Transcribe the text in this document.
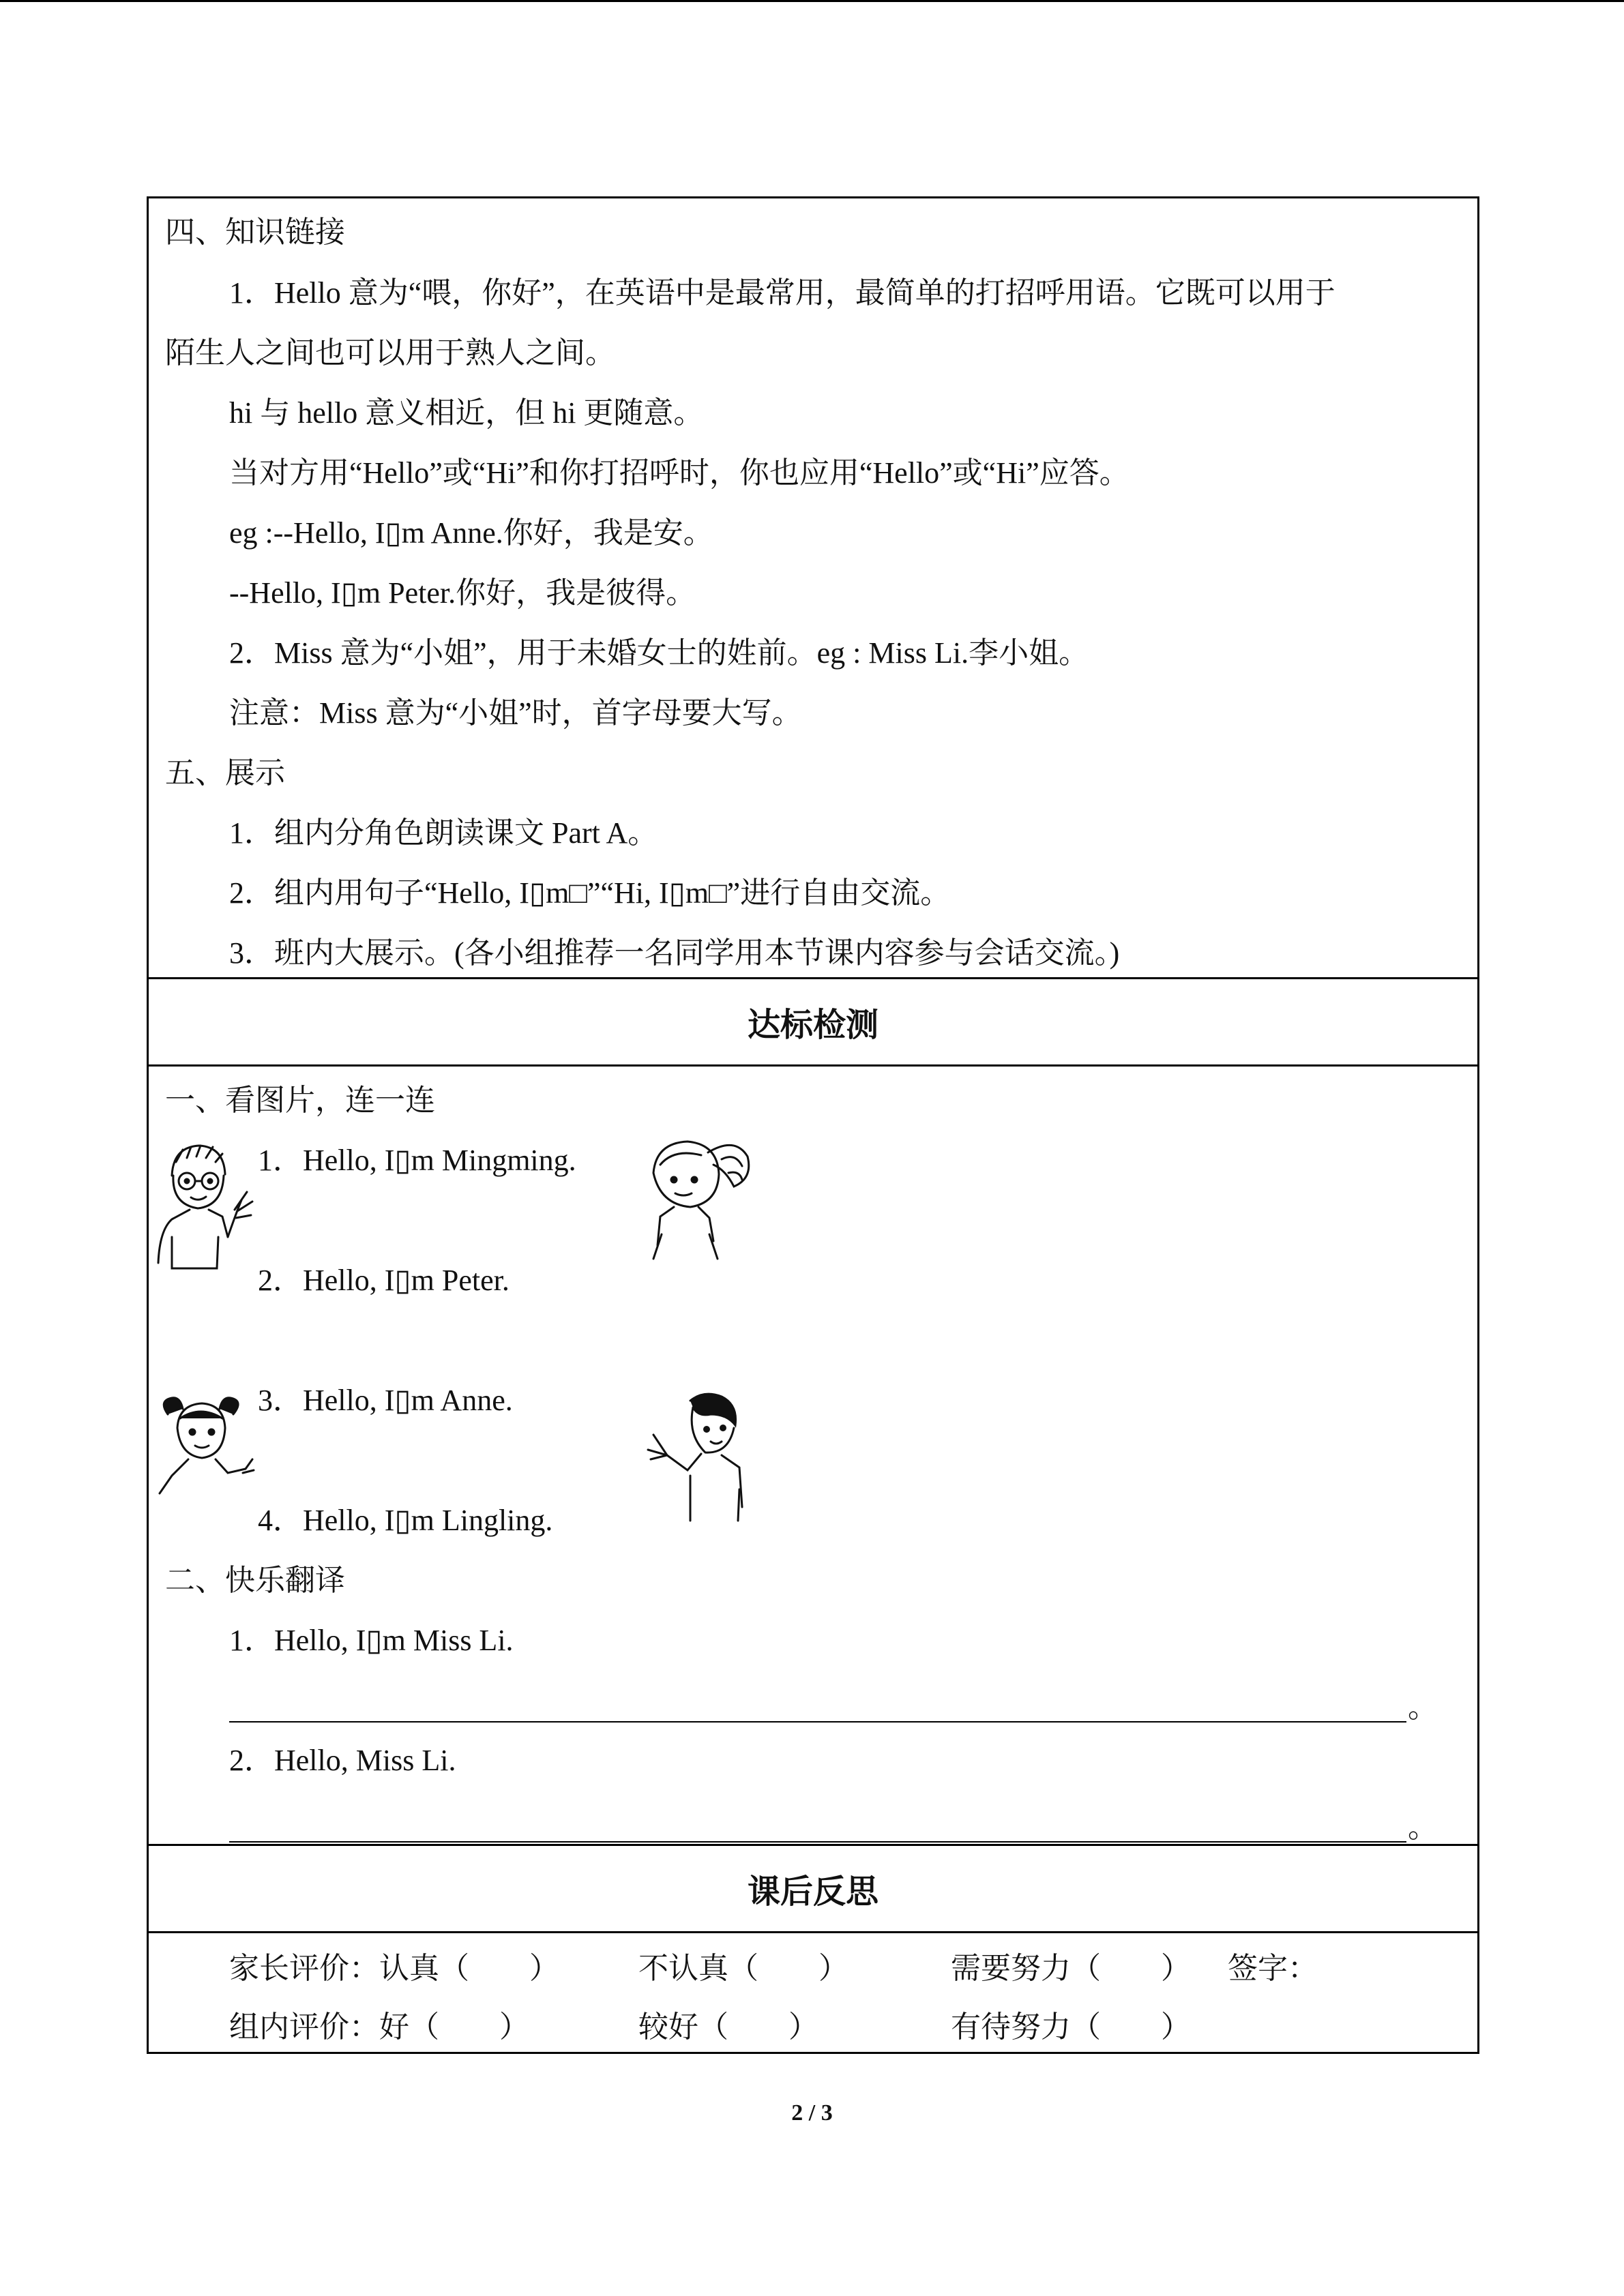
四、知识链接
1．Hello 意为“喂，你好”，在英语中是最常用，最简单的打招呼用语。它既可以用于
陌生人之间也可以用于熟人之间。
hi 与 hello 意义相近，但 hi 更随意。
当对方用“Hello”或“Hi”和你打招呼时，你也应用“Hello”或“Hi”应答。
eg :--Hello, I▯m Anne.你好，我是安。
--Hello, I▯m Peter.你好，我是彼得。
2．Miss 意为“小姐”，用于未婚女士的姓前。eg : Miss Li.李小姐。
注意：Miss 意为“小姐”时，首字母要大写。
五、展示
1．组内分角色朗读课文 Part A。
2．组内用句子“Hello, I▯m□”“Hi, I▯m□”进行自由交流。
3．班内大展示。(各小组推荐一名同学用本节课内容参与会话交流。)
达标检测
一、看图片，连一连
1．Hello, I▯m Mingming.
2．Hello, I▯m Peter.
3．Hello, I▯m Anne.
4．Hello, I▯m Lingling.
二、快乐翻译
1．Hello, I▯m Miss Li.
。
2．Hello, Miss Li.
。
课后反思
家长评价：认真（　　）	不认真（　　）	需要努力（　　） 签字：
组内评价：好（　　）	较好（　　）	有待努力（　　）
2 / 3
